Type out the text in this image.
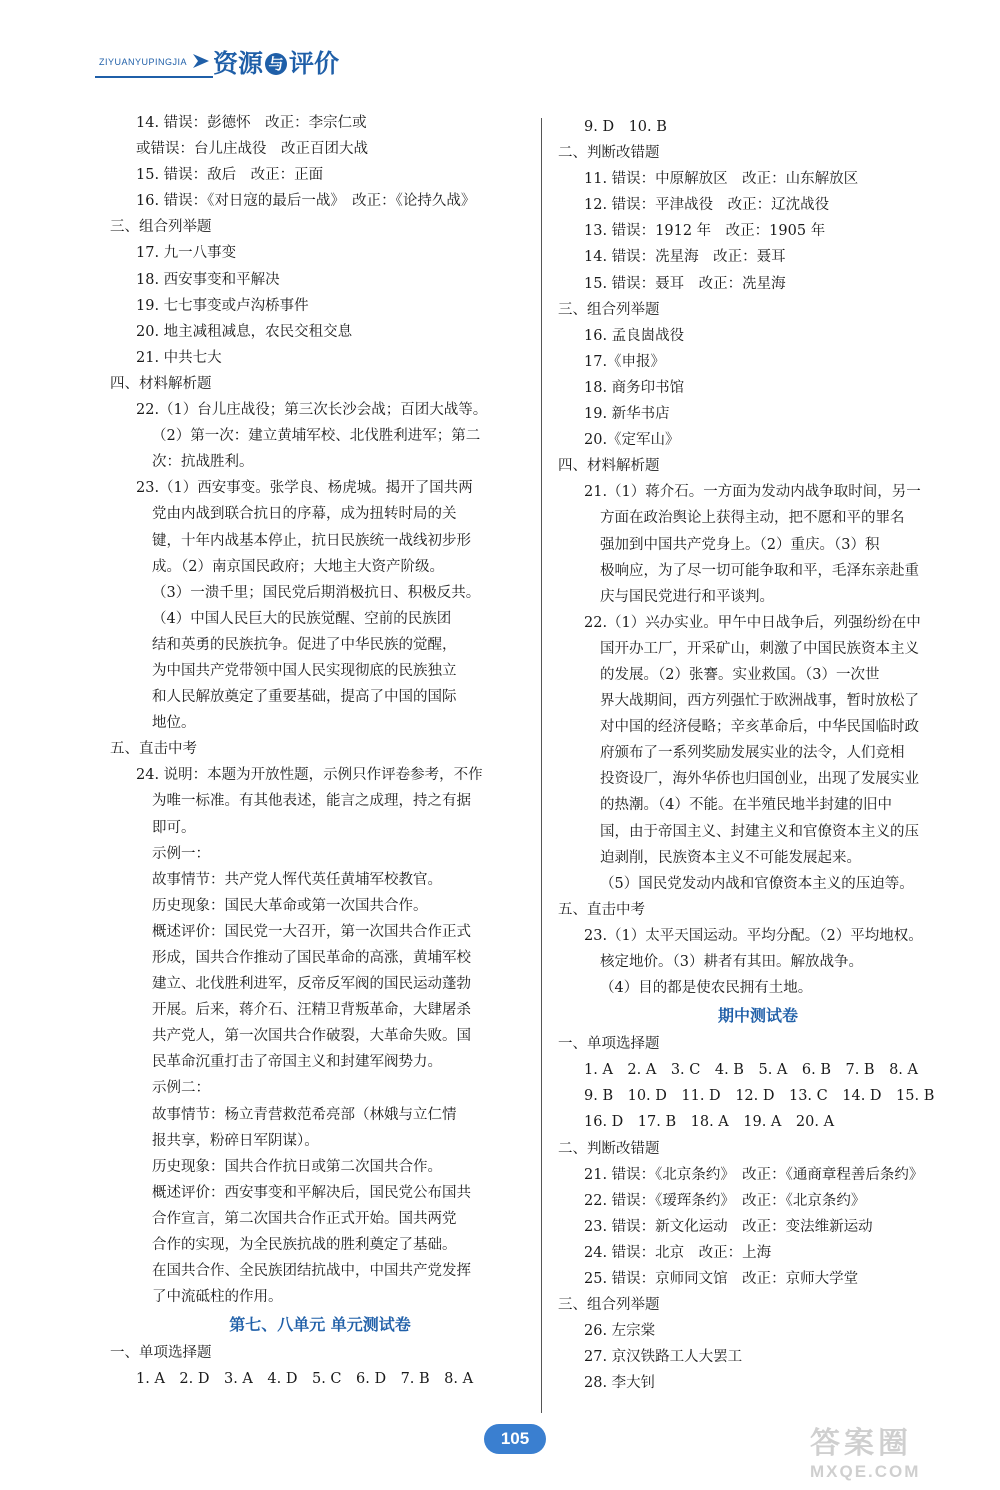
ZIYUANYUPINGJIA 资源 与 评价
14. 错误：彭德怀　改正：李宗仁或
或错误：台儿庄战役　改正百团大战
15. 错误：敌后　改正：正面
16. 错误：《对日寇的最后一战》　改正：《论持久战》
三、组合列举题
17. 九一八事变
18. 西安事变和平解决
19. 七七事变或卢沟桥事件
20. 地主减租减息，农民交租交息
21. 中共七大
四、材料解析题
22.（1）台儿庄战役；第三次长沙会战；百团大战等。
（2）第一次：建立黄埔军校、北伐胜利进军；第二
次：抗战胜利。
23.（1）西安事变。张学良、杨虎城。揭开了国共两
党由内战到联合抗日的序幕，成为扭转时局的关
键，十年内战基本停止，抗日民族统一战线初步形
成。（2）南京国民政府；大地主大资产阶级。
（3）一溃千里；国民党后期消极抗日、积极反共。
（4）中国人民巨大的民族觉醒、空前的民族团
结和英勇的民族抗争。促进了中华民族的觉醒，
为中国共产党带领中国人民实现彻底的民族独立
和人民解放奠定了重要基础，提高了中国的国际
地位。
五、直击中考
24. 说明：本题为开放性题，示例只作评卷参考，不作
为唯一标准。有其他表述，能言之成理，持之有据
即可。
示例一：
故事情节：共产党人恽代英任黄埔军校教官。
历史现象：国民大革命或第一次国共合作。
概述评价：国民党一大召开，第一次国共合作正式
形成，国共合作推动了国民革命的高涨，黄埔军校
建立、北伐胜利进军，反帝反军阀的国民运动蓬勃
开展。后来，蒋介石、汪精卫背叛革命，大肆屠杀
共产党人，第一次国共合作破裂，大革命失败。国
民革命沉重打击了帝国主义和封建军阀势力。
示例二：
故事情节：杨立青营救范希亮部（林娥与立仁情
报共享，粉碎日军阴谋）。
历史现象：国共合作抗日或第二次国共合作。
概述评价：西安事变和平解决后，国民党公布国共
合作宣言，第二次国共合作正式开始。国共两党
合作的实现，为全民族抗战的胜利奠定了基础。
在国共合作、全民族团结抗战中，中国共产党发挥
了中流砥柱的作用。
第七、八单元 单元测试卷
一、单项选择题
1. A　2. D　3. A　4. D　5. C　6. D　7. B　8. A
9. D　10. B
二、判断改错题
11. 错误：中原解放区　改正：山东解放区
12. 错误：平津战役　改正：辽沈战役
13. 错误：1912 年　改正：1905 年
14. 错误：冼星海　改正：聂耳
15. 错误：聂耳　改正：冼星海
三、组合列举题
16. 孟良崮战役
17.《申报》
18. 商务印书馆
19. 新华书店
20.《定军山》
四、材料解析题
21.（1）蒋介石。一方面为发动内战争取时间，另一
方面在政治舆论上获得主动，把不愿和平的罪名
强加到中国共产党身上。（2）重庆。（3）积
极响应，为了尽一切可能争取和平，毛泽东亲赴重
庆与国民党进行和平谈判。
22.（1）兴办实业。甲午中日战争后，列强纷纷在中
国开办工厂，开采矿山，刺激了中国民族资本主义
的发展。（2）张謇。实业救国。（3）一次世
界大战期间，西方列强忙于欧洲战事，暂时放松了
对中国的经济侵略；辛亥革命后，中华民国临时政
府颁布了一系列奖励发展实业的法令，人们竞相
投资设厂，海外华侨也归国创业，出现了发展实业
的热潮。（4）不能。在半殖民地半封建的旧中
国，由于帝国主义、封建主义和官僚资本主义的压
迫剥削，民族资本主义不可能发展起来。
（5）国民党发动内战和官僚资本主义的压迫等。
五、直击中考
23.（1）太平天国运动。平均分配。（2）平均地权。
核定地价。（3）耕者有其田。解放战争。
（4）目的都是使农民拥有土地。
期中测试卷
一、单项选择题
1. A　2. A　3. C　4. B　5. A　6. B　7. B　8. A
9. B　10. D　11. D　12. D　13. C　14. D　15. B
16. D　17. B　18. A　19. A　20. A
二、判断改错题
21. 错误：《北京条约》　改正：《通商章程善后条约》
22. 错误：《瑷珲条约》　改正：《北京条约》
23. 错误：新文化运动　改正：变法维新运动
24. 错误：北京　改正：上海
25. 错误：京师同文馆　改正：京师大学堂
三、组合列举题
26. 左宗棠
27. 京汉铁路工人大罢工
28. 李大钊
105	答案圈
MXQE.COM
